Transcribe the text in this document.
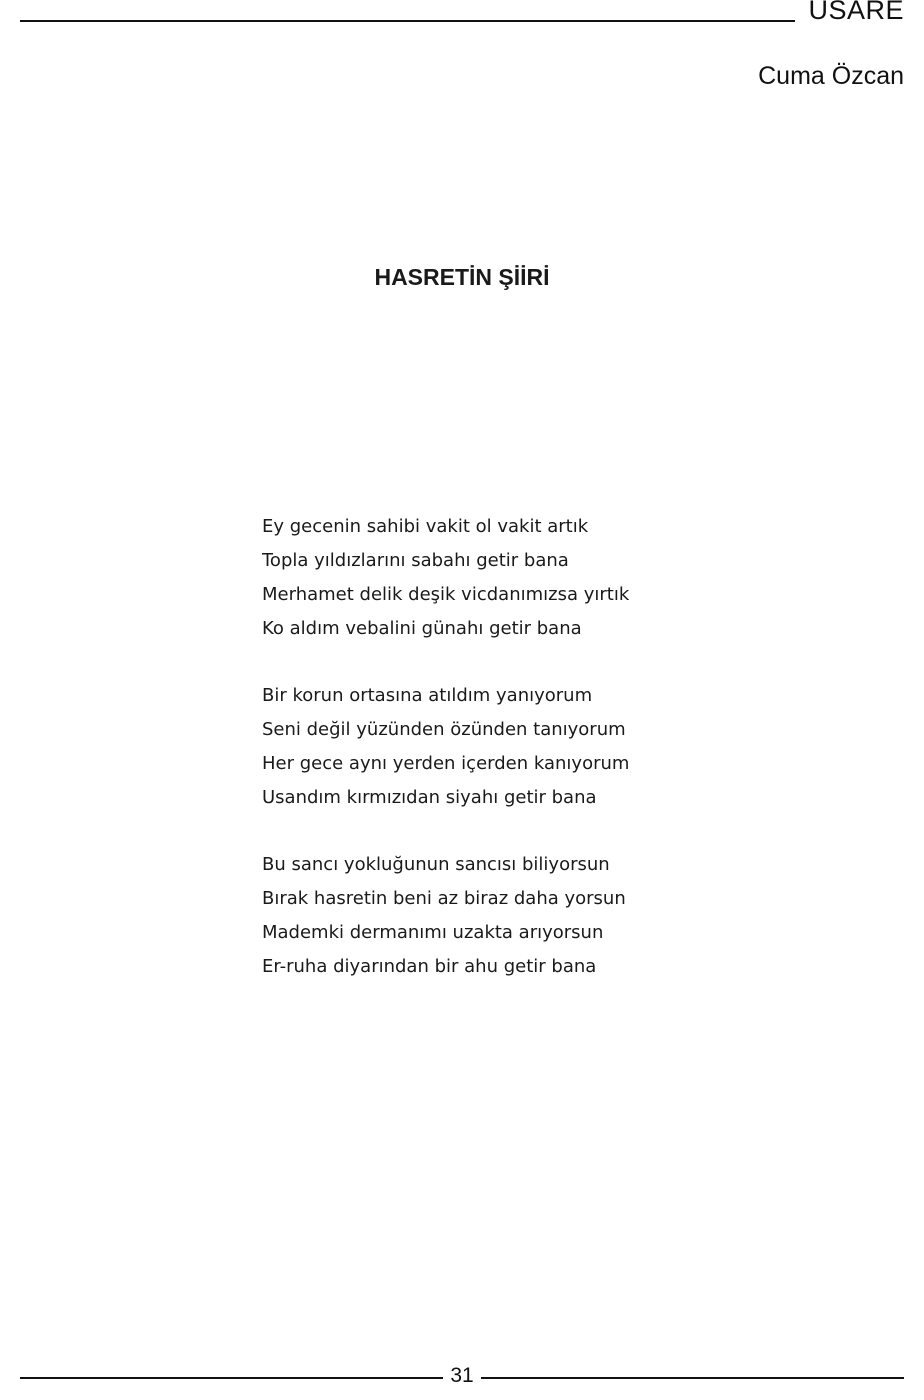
USARE
Cuma Özcan
HASRETİN ŞİİRİ
Ey gecenin sahibi vakit ol vakit artık
Topla yıldızlarını sabahı getir bana
Merhamet delik deşik vicdanımızsa yırtık
Ko aldım vebalini günahı getir bana
Bir korun ortasına atıldım yanıyorum
Seni değil yüzünden özünden tanıyorum
Her gece aynı yerden içerden kanıyorum
Usandım kırmızıdan siyahı getir bana
Bu sancı yokluğunun sancısı biliyorsun
Bırak hasretin beni az biraz daha yorsun
Mademki dermanımı uzakta arıyorsun
Er-ruha diyarından bir ahu getir bana
31
